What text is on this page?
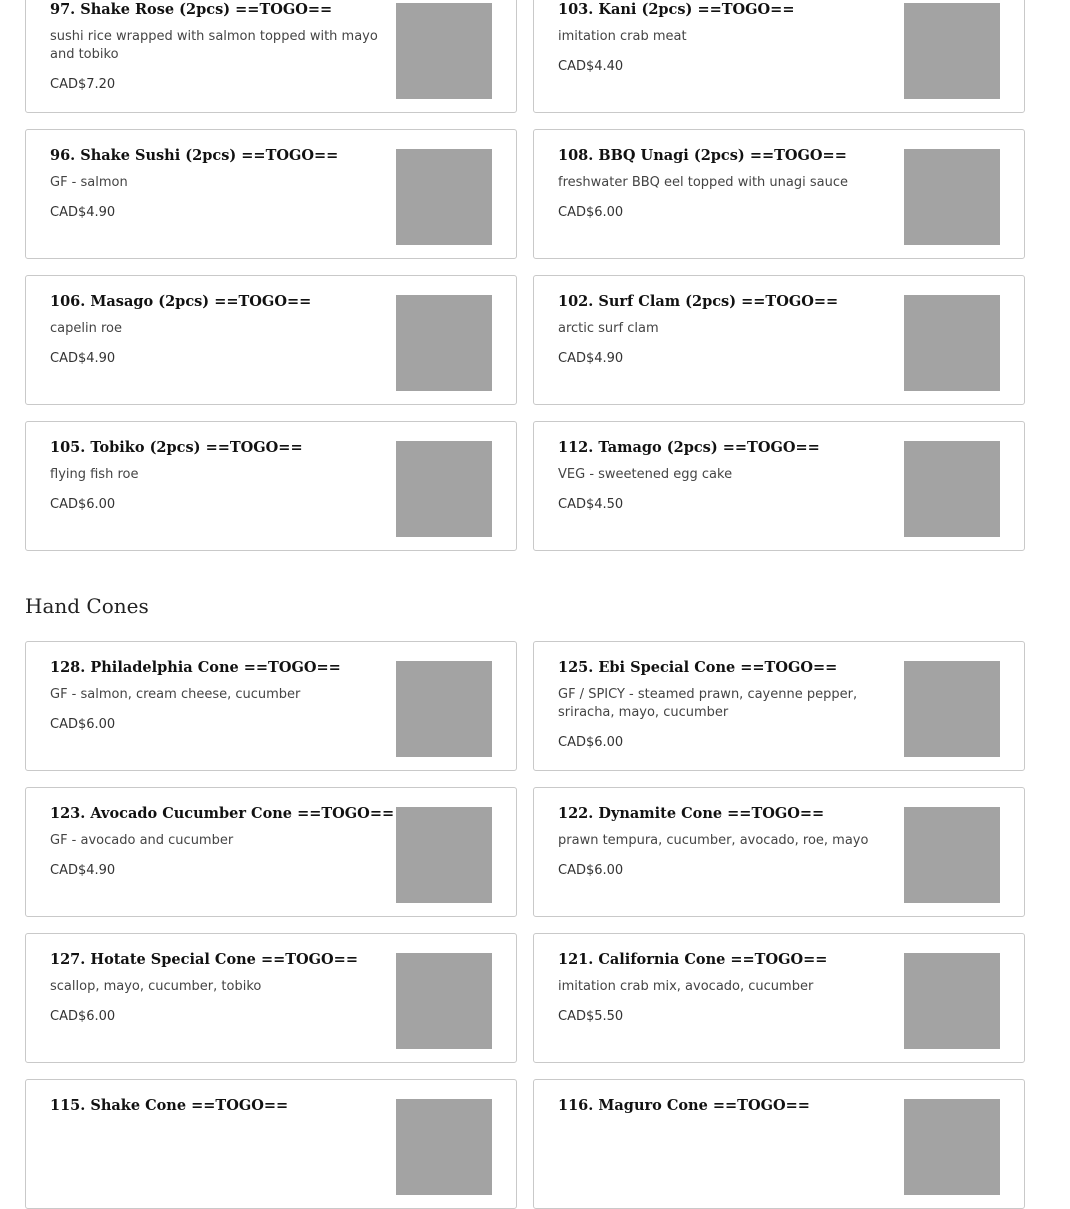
97. Shake Rose (2pcs) ==TOGO==
sushi rice wrapped with salmon topped with mayo and tobiko
CAD$7.20
103. Kani (2pcs) ==TOGO==
imitation crab meat
CAD$4.40
96. Shake Sushi (2pcs) ==TOGO==
GF - salmon
CAD$4.90
108. BBQ Unagi (2pcs) ==TOGO==
freshwater BBQ eel topped with unagi sauce
CAD$6.00
106. Masago (2pcs) ==TOGO==
capelin roe
CAD$4.90
102. Surf Clam (2pcs) ==TOGO==
arctic surf clam
CAD$4.90
105. Tobiko (2pcs) ==TOGO==
flying fish roe
CAD$6.00
112. Tamago (2pcs) ==TOGO==
VEG - sweetened egg cake
CAD$4.50
Hand Cones
128. Philadelphia Cone ==TOGO==
GF - salmon, cream cheese, cucumber
CAD$6.00
125. Ebi Special Cone ==TOGO==
GF / SPICY - steamed prawn, cayenne pepper, sriracha, mayo, cucumber
CAD$6.00
123. Avocado Cucumber Cone ==TOGO==
GF - avocado and cucumber
CAD$4.90
122. Dynamite Cone ==TOGO==
prawn tempura, cucumber, avocado, roe, mayo
CAD$6.00
127. Hotate Special Cone ==TOGO==
scallop, mayo, cucumber, tobiko
CAD$6.00
121. California Cone ==TOGO==
imitation crab mix, avocado, cucumber
CAD$5.50
115. Shake Cone ==TOGO==	116. Maguro Cone ==TOGO==
